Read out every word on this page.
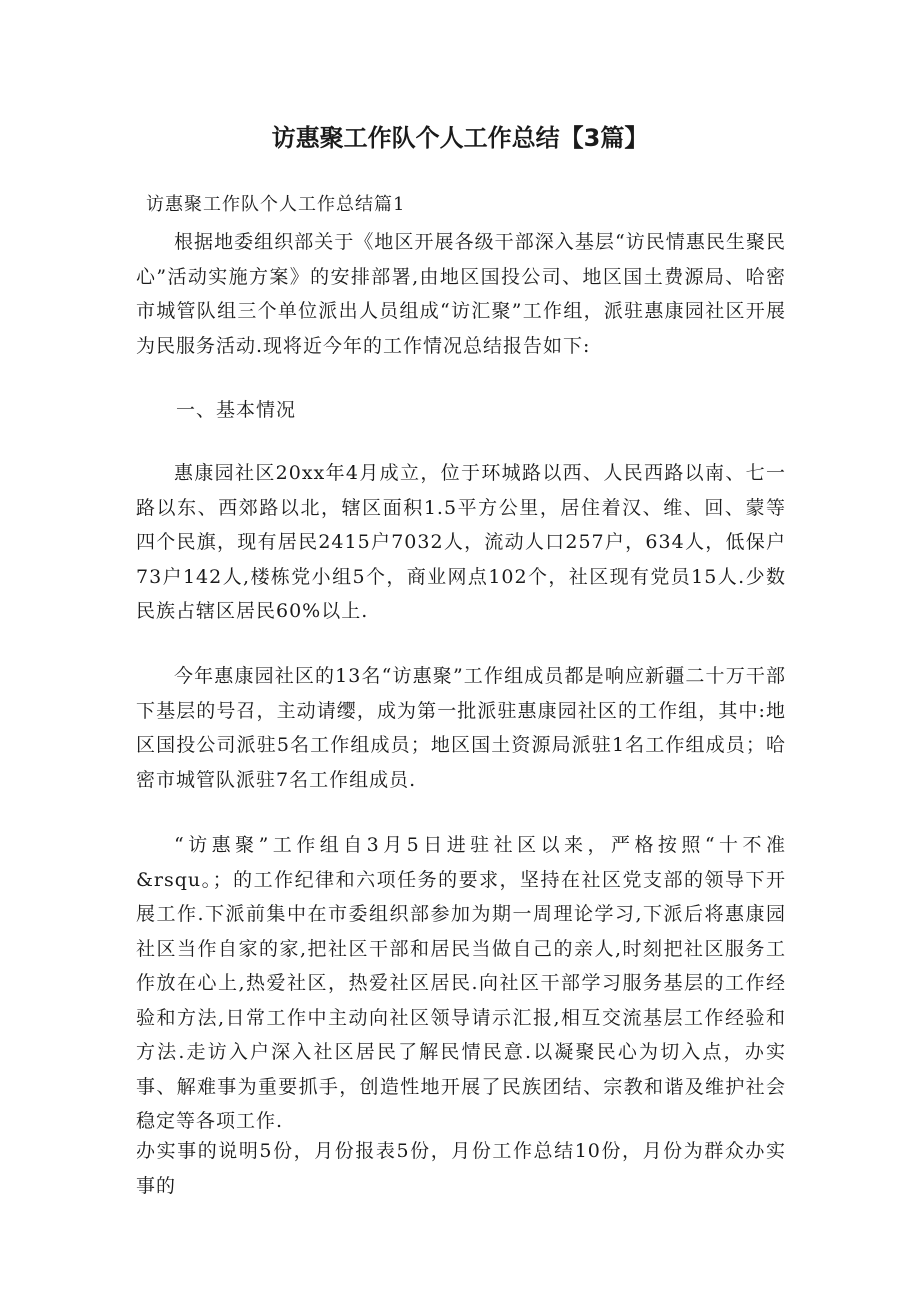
访惠聚工作队个人工作总结【3篇】

访惠聚工作队个人工作总结篇1

根据地委组织部关于《地区开展各级干部深入基层“访民情惠民生聚民心”活动实施方案》的安排部署,由地区国投公司、地区国土费源局、哈密市城管队组三个单位派出人员组成“访汇聚”工作组，派驻惠康园社区开展为民服务活动.现将近今年的工作情况总结报告如下:

一、基本情况

惠康园社区20xx年4月成立，位于环城路以西、人民西路以南、七一路以东、西郊路以北，辖区面积1.5平方公里，居住着汉、维、回、蒙等四个民旗，现有居民2415户7032人，流动人口257户，634人，低保户73户142人,楼栋党小组5个，商业网点102个，社区现有党员15人.少数民族占辖区居民60%以上.

今年惠康园社区的13名“访惠聚”工作组成员都是响应新疆二十万干部下基层的号召，主动请缨，成为第一批派驻惠康园社区的工作组，其中:地区国投公司派驻5名工作组成员；地区国土资源局派驻1名工作组成员；哈密市城管队派驻7名工作组成员.

“访惠聚”工作组自3月5日进驻社区以来，严格按照“十不准&rsqu。；的工作纪律和六项任务的要求，坚持在社区党支部的领导下开展工作.下派前集中在市委组织部参加为期一周理论学习,下派后将惠康园社区当作自家的家,把社区干部和居民当做自己的亲人,时刻把社区服务工作放在心上,热爱社区，热爱社区居民.向社区干部学习服务基层的工作经验和方法,日常工作中主动向社区领导请示汇报,相互交流基层工作经验和方法.走访入户深入社区居民了解民情民意.以凝聚民心为切入点，办实事、解难事为重要抓手，创造性地开展了民族团结、宗教和谐及维护社会稳定等各项工作.

办实事的说明5份，月份报表5份，月份工作总结10份，月份为群众办实事的
